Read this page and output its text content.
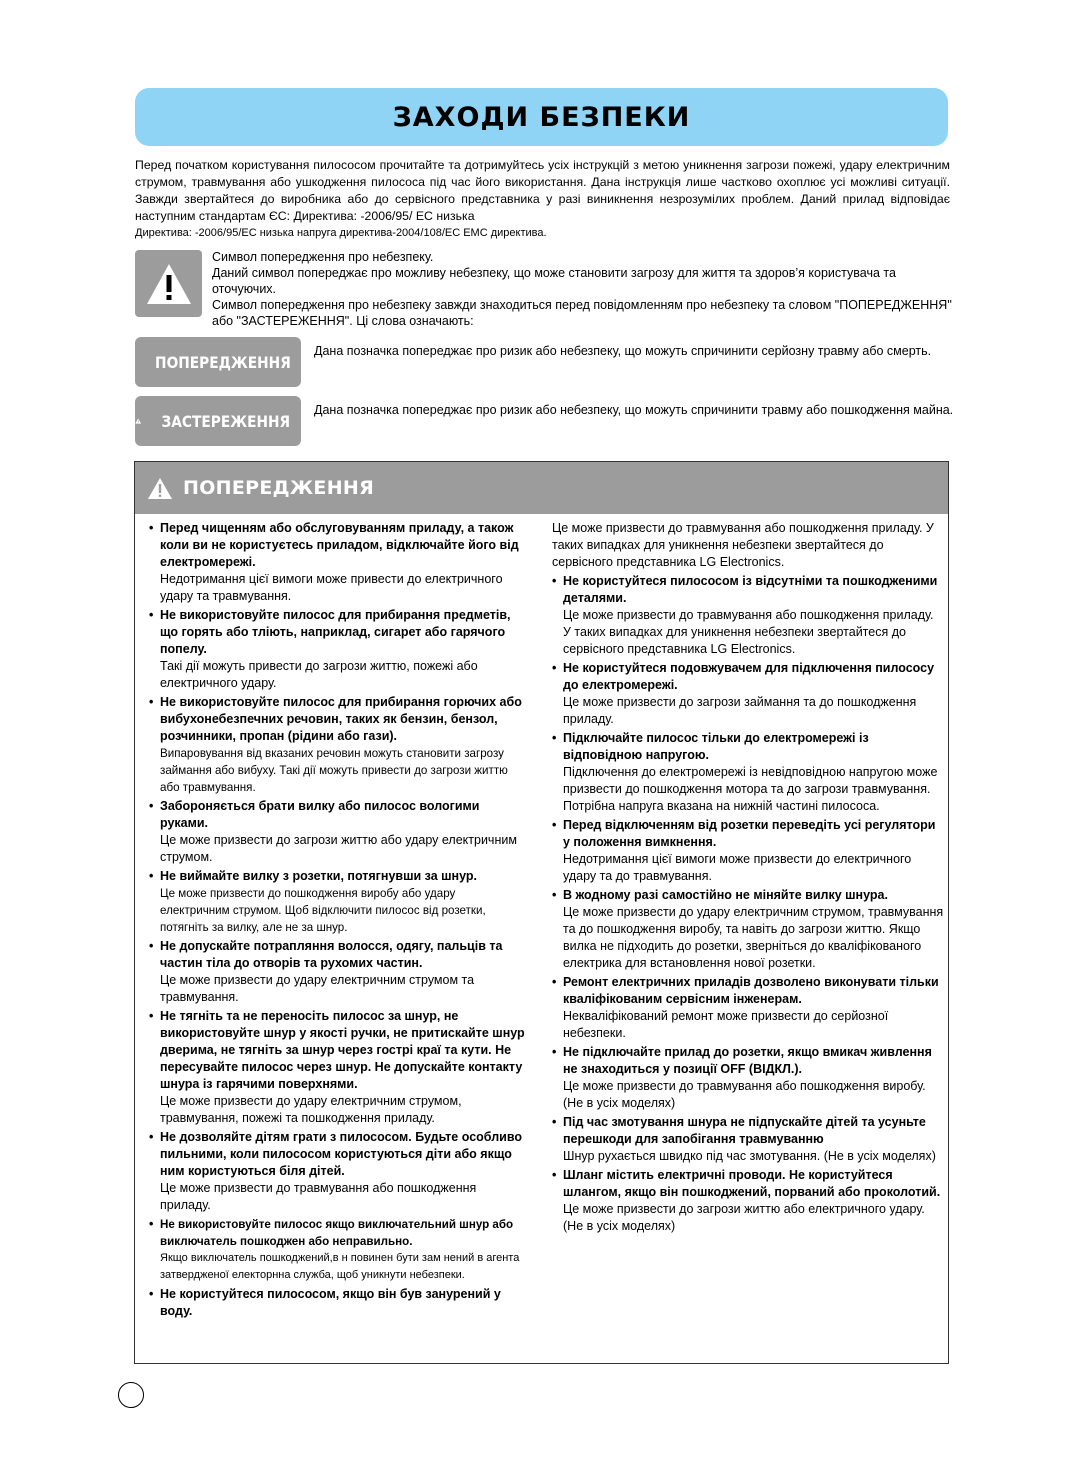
ЗАХОДИ БЕЗПЕКИ

Перед початком користування пилососом прочитайте та дотримуйтесь усіх інструкцій з метою уникнення загрози пожежі, удару електричним струмом, травмування або ушкодження пилососа під час його використання. Дана інструкція лише частково охоплює усі можливі ситуації. Завжди звертайтеся до виробника або до сервісного представника у разі виникнення незрозумілих проблем. Даний прилад відповідає наступним стандартам ЄС: Директива: -2006/95/ EC низька

Директива: -2006/95/EC низька напруга директива-2004/108/EC EMC директива.

Символ попередження про небезпеку.

Даний символ попереджає про можливу небезпеку, що може становити загрозу для життя та здоров’я користувача та оточуючих.

Символ попередження про небезпеку завжди знаходиться перед повідомленням про небезпеку та словом "ПОПЕРЕДЖЕННЯ" або "ЗАСТЕРЕЖЕННЯ". Ці слова означають:

ПОПЕРЕДЖЕННЯ

Дана позначка попереджає про ризик або небезпеку, що можуть спричинити серйозну травму або смерть.

ЗАСТЕРЕЖЕННЯ

Дана позначка попереджає про ризик або небезпеку, що можуть спричинити травму або пошкодження майна.

ПОПЕРЕДЖЕННЯ
• Перед чищенням або обслуговуванням приладу, а також коли ви не користуєтесь приладом, відключайте його від електромережі.

Недотримання цієї вимоги може привести до електричного удару та травмування.

• Не використовуйте пилосос для прибирання предметів, що горять або тліють, наприклад, сигарет або гарячого попелу.

Такі дії можуть привести до загрози життю, пожежі або електричного удару.

• Не використовуйте пилосос для прибирання горючих або вибухонебезпечних речовин, таких як бензин, бензол, розчинники, пропан (рідини або гази).

Випаровування від вказаних речовин можуть становити загрозу займання або вибуху. Такі дії можуть привести до загрози життю або травмування.

• Забороняється брати вилку або пилосос вологими руками.

Це може призвести до загрози життю або удару електричним струмом.

• Не виймайте вилку з розетки, потягнувши за шнур.

Це може призвести до пошкодження виробу або удару електричним струмом. Щоб відключити пилосос від розетки, потягніть за вилку, але не за шнур.

• Не допускайте потрапляння волосся, одягу, пальців та частин тіла до отворів та рухомих частин.

Це може призвести до удару електричним струмом та травмування.

• Не тягніть та не переносіть пилосос за шнур, не використовуйте шнур у якості ручки, не притискайте шнур дверима, не тягніть за шнур через гострі краї та кути. Не пересувайте пилосос через шнур. Не допускайте контакту шнура із гарячими поверхнями.

Це може призвести до удару електричним струмом, травмування, пожежі та пошкодження приладу.

• Не дозволяйте дітям грати з пилососом. Будьте особливо пильними, коли пилососом користуються діти або якщо ним користуються біля дітей.

Це може призвести до травмування або пошкодження приладу.

• Не використовуйте пилосос якщо виключательний шнур або виключатель пошкоджен або неправильно.

Якщо виключатель пошкоджений,в н повинен бути зам нений в агента затвердженої електорнна служба, щоб уникнути небезпеки.

• Не користуйтеся пилососом, якщо він був занурений у воду.

Це може призвести до травмування або пошкодження приладу. У таких випадках для уникнення небезпеки звертайтеся до сервісного представника LG Electronics.

• Не користуйтеся пилососом із відсутніми та пошкодженими деталями.

Це може призвести до травмування або пошкодження приладу. У таких випадках для уникнення небезпеки звертайтеся до сервісного представника LG Electronics.

• Не користуйтеся подовжувачем для підключення пилососу до електромережі.

Це може призвести до загрози займання та до пошкодження приладу.

• Підключайте пилосос тільки до електромережі із відповідною напругою.

Підключення до електромережі із невідповідною напругою може призвести до пошкодження мотора та до загрози травмування. Потрібна напруга вказана на нижній частині пилососа.

• Перед відключенням від розетки переведіть усі регулятори у положення вимкнення.

Недотримання цієї вимоги може призвести до електричного удару та до травмування.

• В жодному разі самостійно не міняйте вилку шнура.

Це може призвести до удару електричним струмом, травмування та до пошкодження виробу, та навіть до загрози життю. Якщо вилка не підходить до розетки, зверніться до кваліфікованого електрика для встановлення нової розетки.

• Ремонт електричних приладів дозволено виконувати тільки кваліфікованим сервісним інженерам.

Некваліфікований ремонт може призвести до серйозної небезпеки.

• Не підключайте прилад до розетки, якщо вмикач живлення не знаходиться у позиції OFF (ВІДКЛ.).

Це може призвести до травмування або пошкодження виробу.(Не в усіх моделях)

• Під час змотування шнура не підпускайте дітей та усуньте перешкоди для запобігання травмуванню

Шнур рухається швидко під час змотування. (Не в усіх моделях)

• Шланг містить електричні проводи. Не користуйтеся шлангом, якщо він пошкоджений, порваний або проколотий.

Це може призвести до загрози життю або електричного удару.(Не в усіх моделях)
